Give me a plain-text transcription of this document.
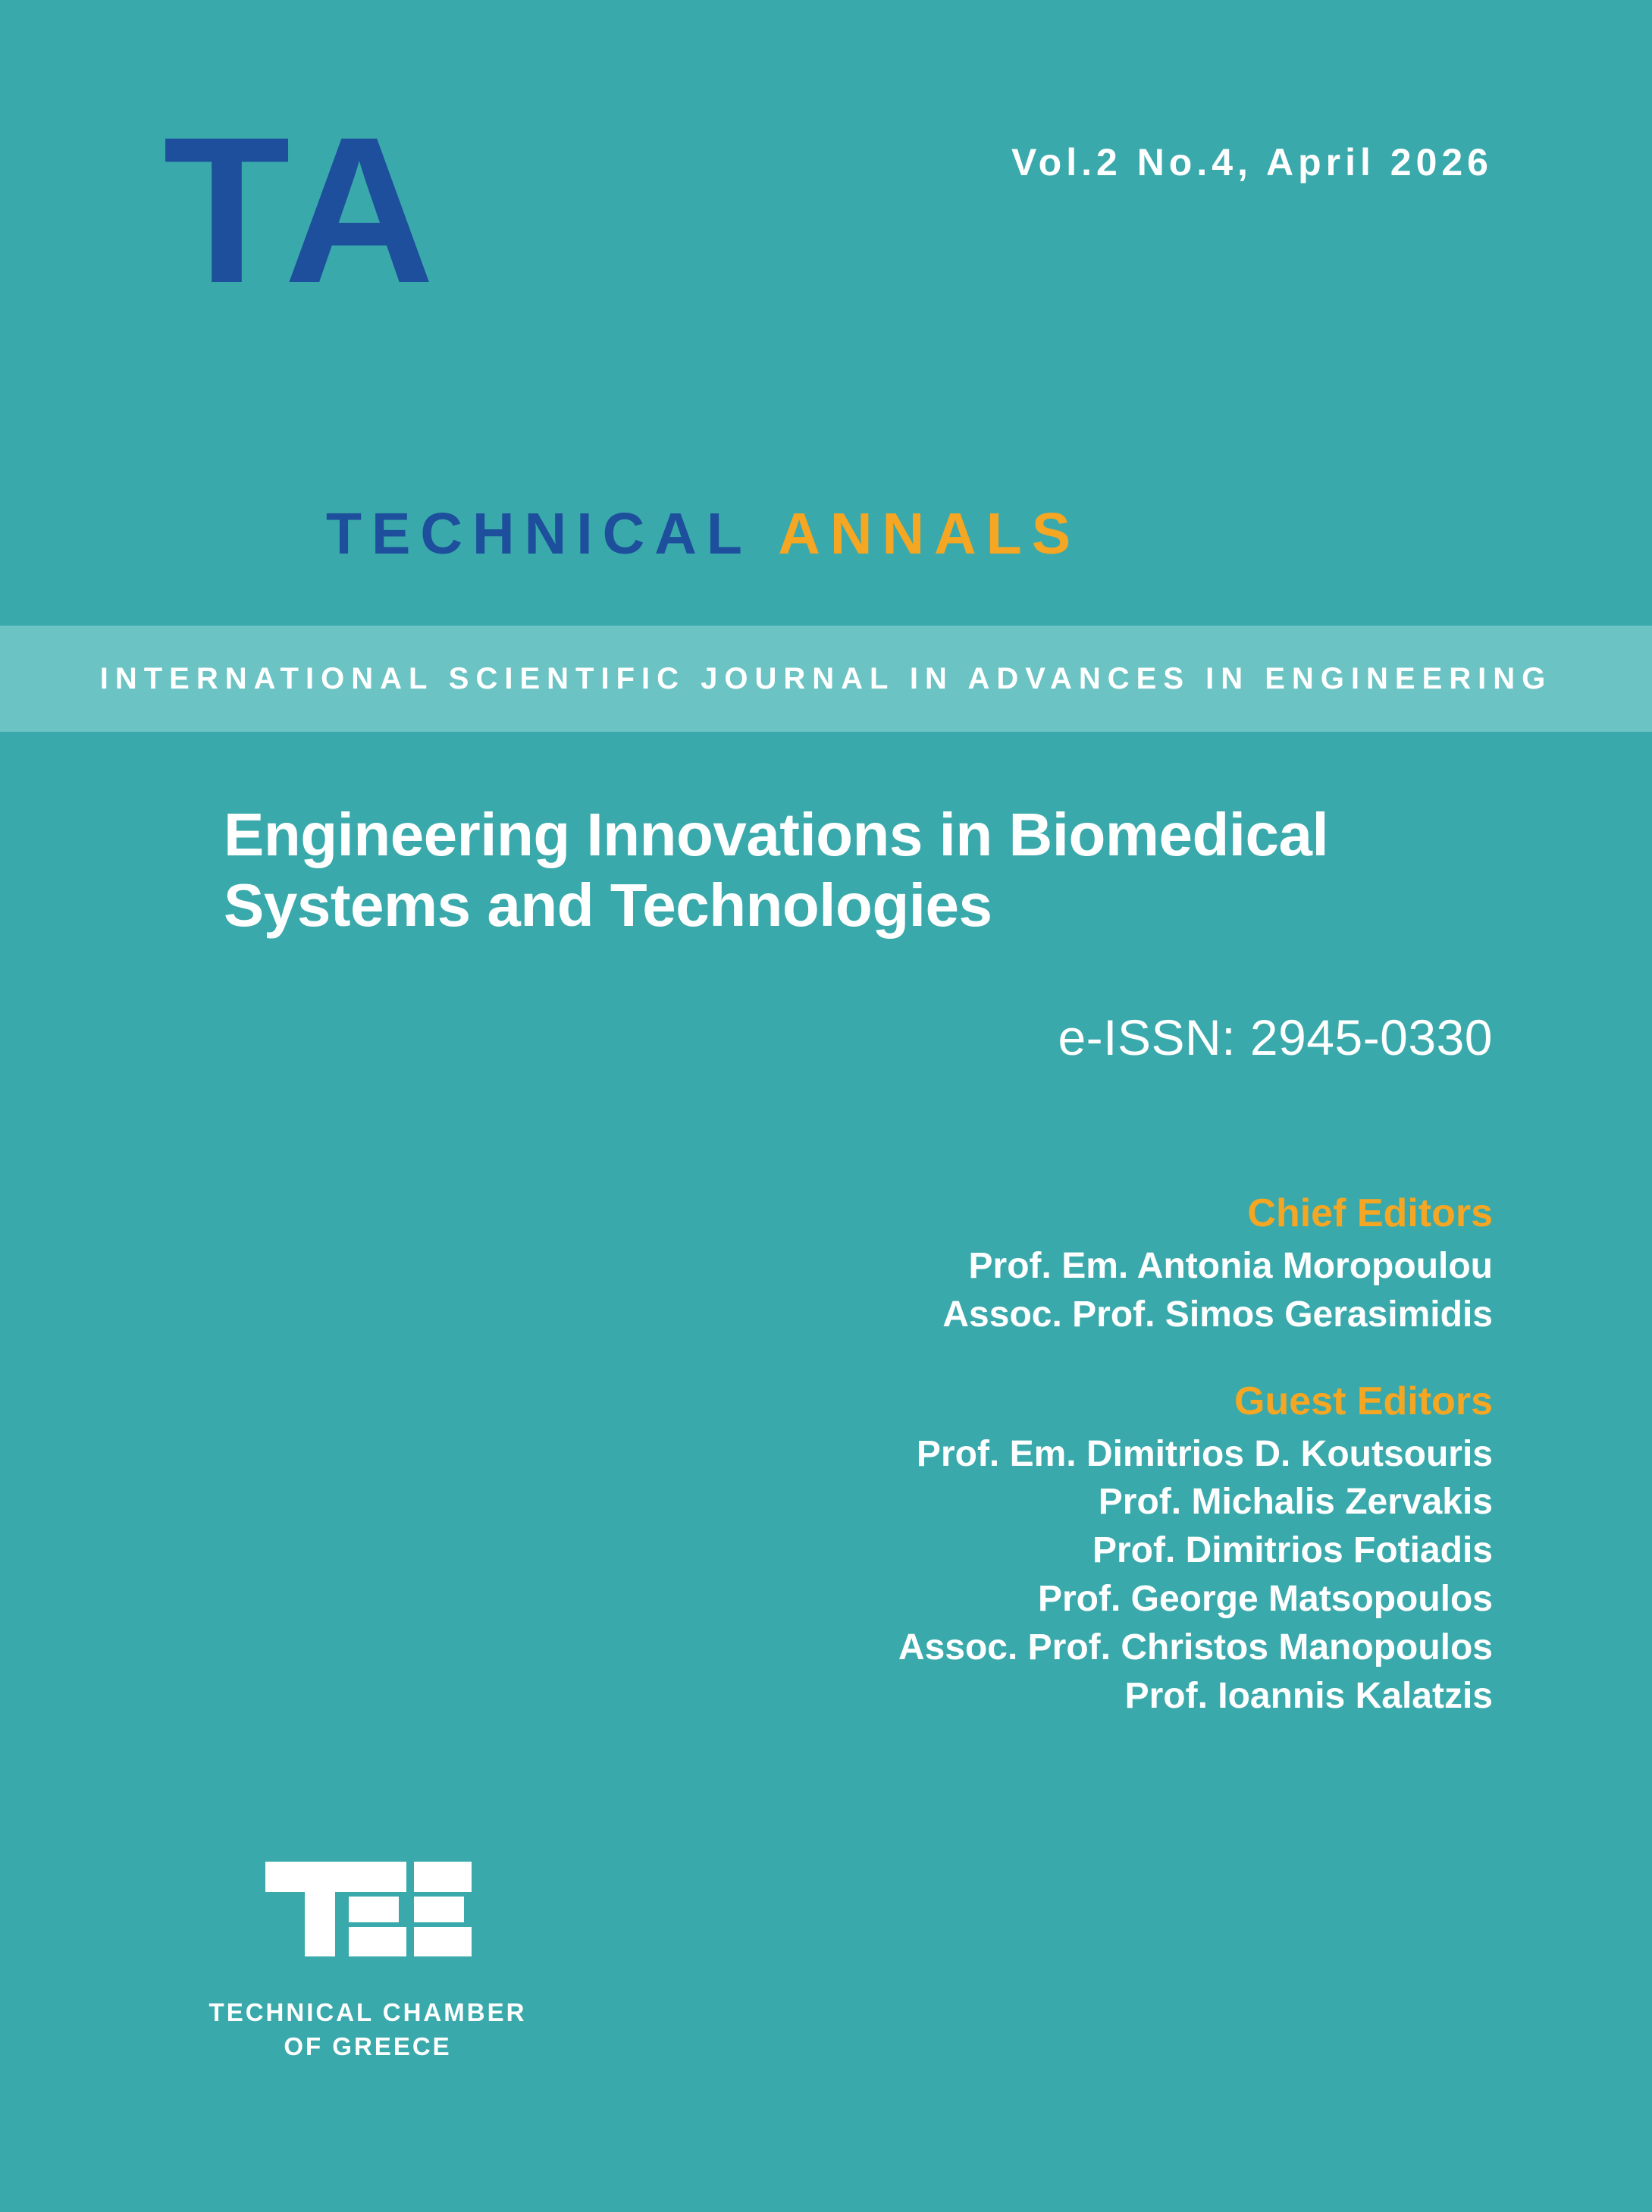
Vol.2 No.4, April 2026
TA
TECHNICAL ANNALS
INTERNATIONAL SCIENTIFIC JOURNAL IN ADVANCES IN ENGINEERING
Engineering Innovations in Biomedical Systems and Technologies
e-ISSN: 2945-0330
Chief Editors
Prof. Em. Antonia Moropoulou
Assoc. Prof. Simos Gerasimidis
Guest Editors
Prof. Em. Dimitrios D. Koutsouris
Prof. Michalis Zervakis
Prof. Dimitrios Fotiadis
Prof. George Matsopoulos
Assoc. Prof. Christos Manopoulos
Prof. Ioannis Kalatzis
TECHNICAL CHAMBER
OF GREECE
